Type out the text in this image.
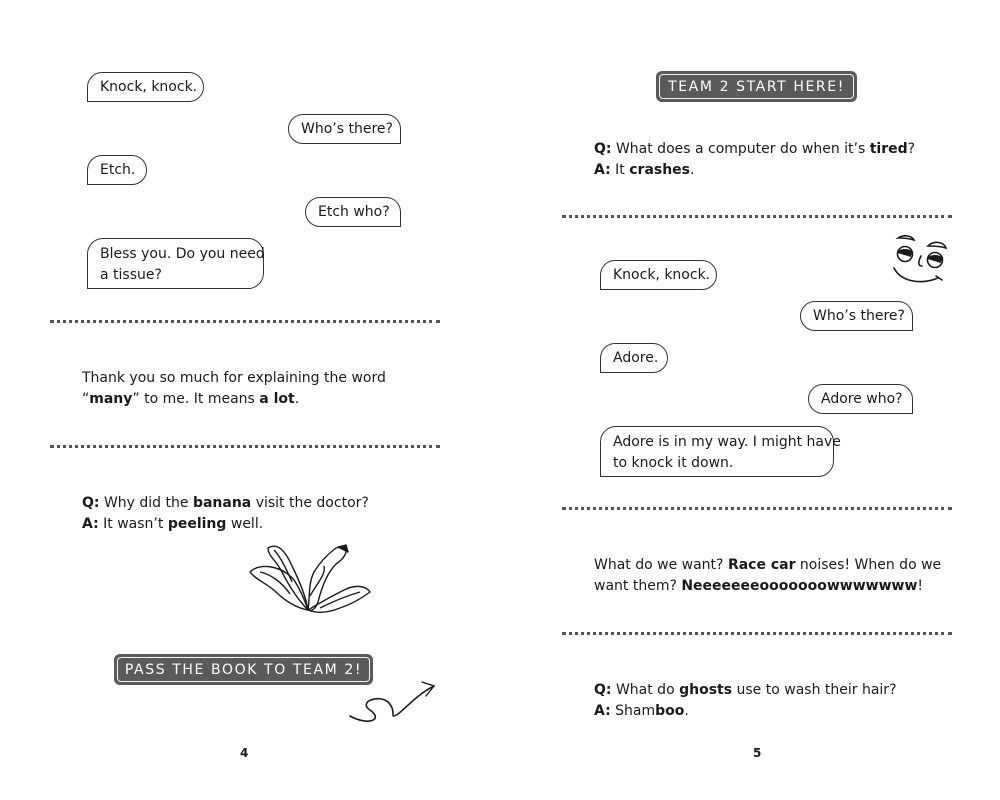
Knock, knock.
Who’s there?
Etch.
Etch who?
Bless you. Do you need
a tissue?
Thank you so much for explaining the word
“many” to me. It means a lot.
Q: Why did the banana visit the doctor?
A: It wasn’t peeling well.
PASS THE BOOK TO TEAM 2!
4
TEAM 2 START HERE!
Q: What does a computer do when it’s tired?
A: It crashes.
Knock, knock.
Who’s there?
Adore.
Adore who?
Adore is in my way. I might have
to knock it down.
What do we want? Race car noises! When do we
want them? Neeeeeeeooooooowwwwwww!
Q: What do ghosts use to wash their hair?
A: Shamboo.
5
